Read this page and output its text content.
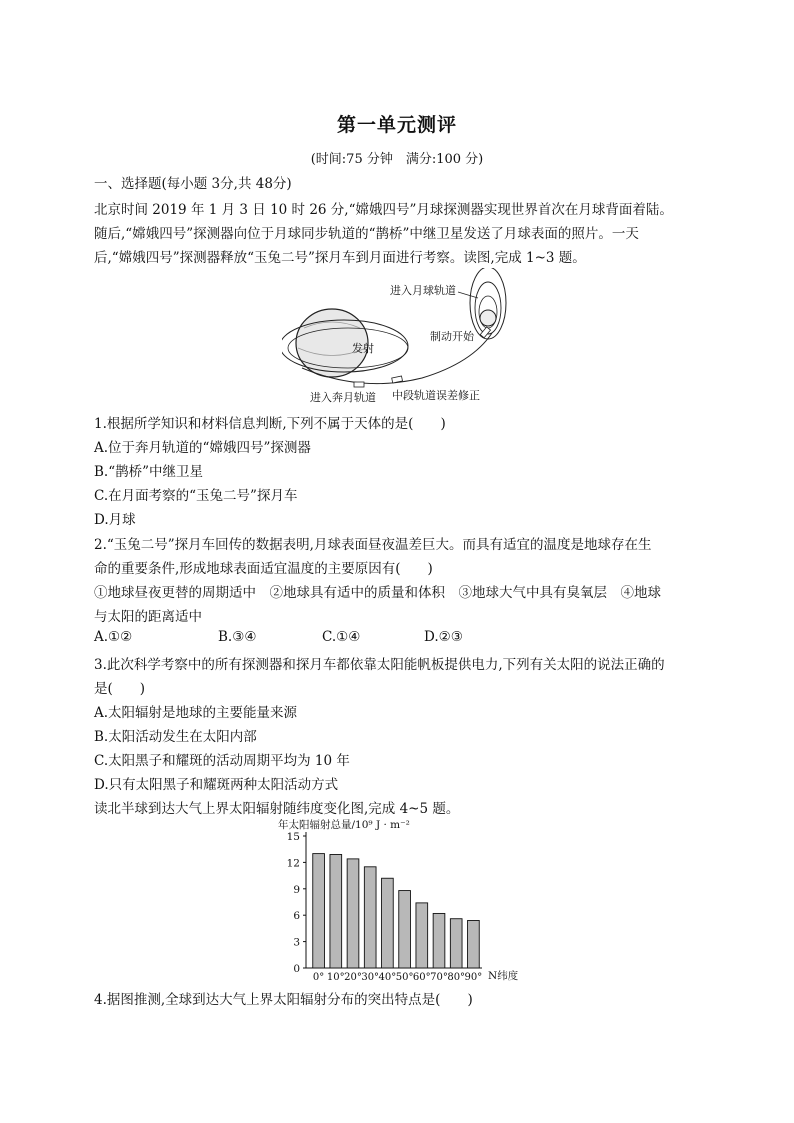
第一单元测评
(时间:75 分钟　满分:100 分)
一、选择题(每小题 3分,共 48分)
北京时间 2019 年 1 月 3 日 10 时 26 分,“嫦娥四号”月球探测器实现世界首次在月球背面着陆。
随后,“嫦娥四号”探测器向位于月球同步轨道的“鹊桥”中继卫星发送了月球表面的照片。一天
后,“嫦娥四号”探测器释放“玉兔二号”探月车到月面进行考察。读图,完成 1~3 题。
进入月球轨道
制动开始
发射
进入奔月轨道 中段轨道误差修正
1.根据所学知识和材料信息判断,下列不属于天体的是(　　)
A.位于奔月轨道的“嫦娥四号”探测器
B.“鹊桥”中继卫星
C.在月面考察的“玉兔二号”探月车
D.月球
2.“玉兔二号”探月车回传的数据表明,月球表面昼夜温差巨大。而具有适宜的温度是地球存在生
命的重要条件,形成地球表面适宜温度的主要原因有(　　)
①地球昼夜更替的周期适中　②地球具有适中的质量和体积　③地球大气中具有臭氧层　④地球
与太阳的距离适中
A.①②	B.③④	C.①④	D.②③
3.此次科学考察中的所有探测器和探月车都依靠太阳能帆板提供电力,下列有关太阳的说法正确的
是(　　)
A.太阳辐射是地球的主要能量来源
B.太阳活动发生在太阳内部
C.太阳黑子和耀斑的活动周期平均为 10 年
D.只有太阳黑子和耀斑两种太阳活动方式
读北半球到达大气上界太阳辐射随纬度变化图,完成 4~5 题。
年太阳辐射总量/10⁹ J · m⁻²
N纬度
0
3
6
9
12
15
0° 10° 20° 30° 40° 50° 60° 70° 80° 90°
4.据图推测,全球到达大气上界太阳辐射分布的突出特点是(　　)
